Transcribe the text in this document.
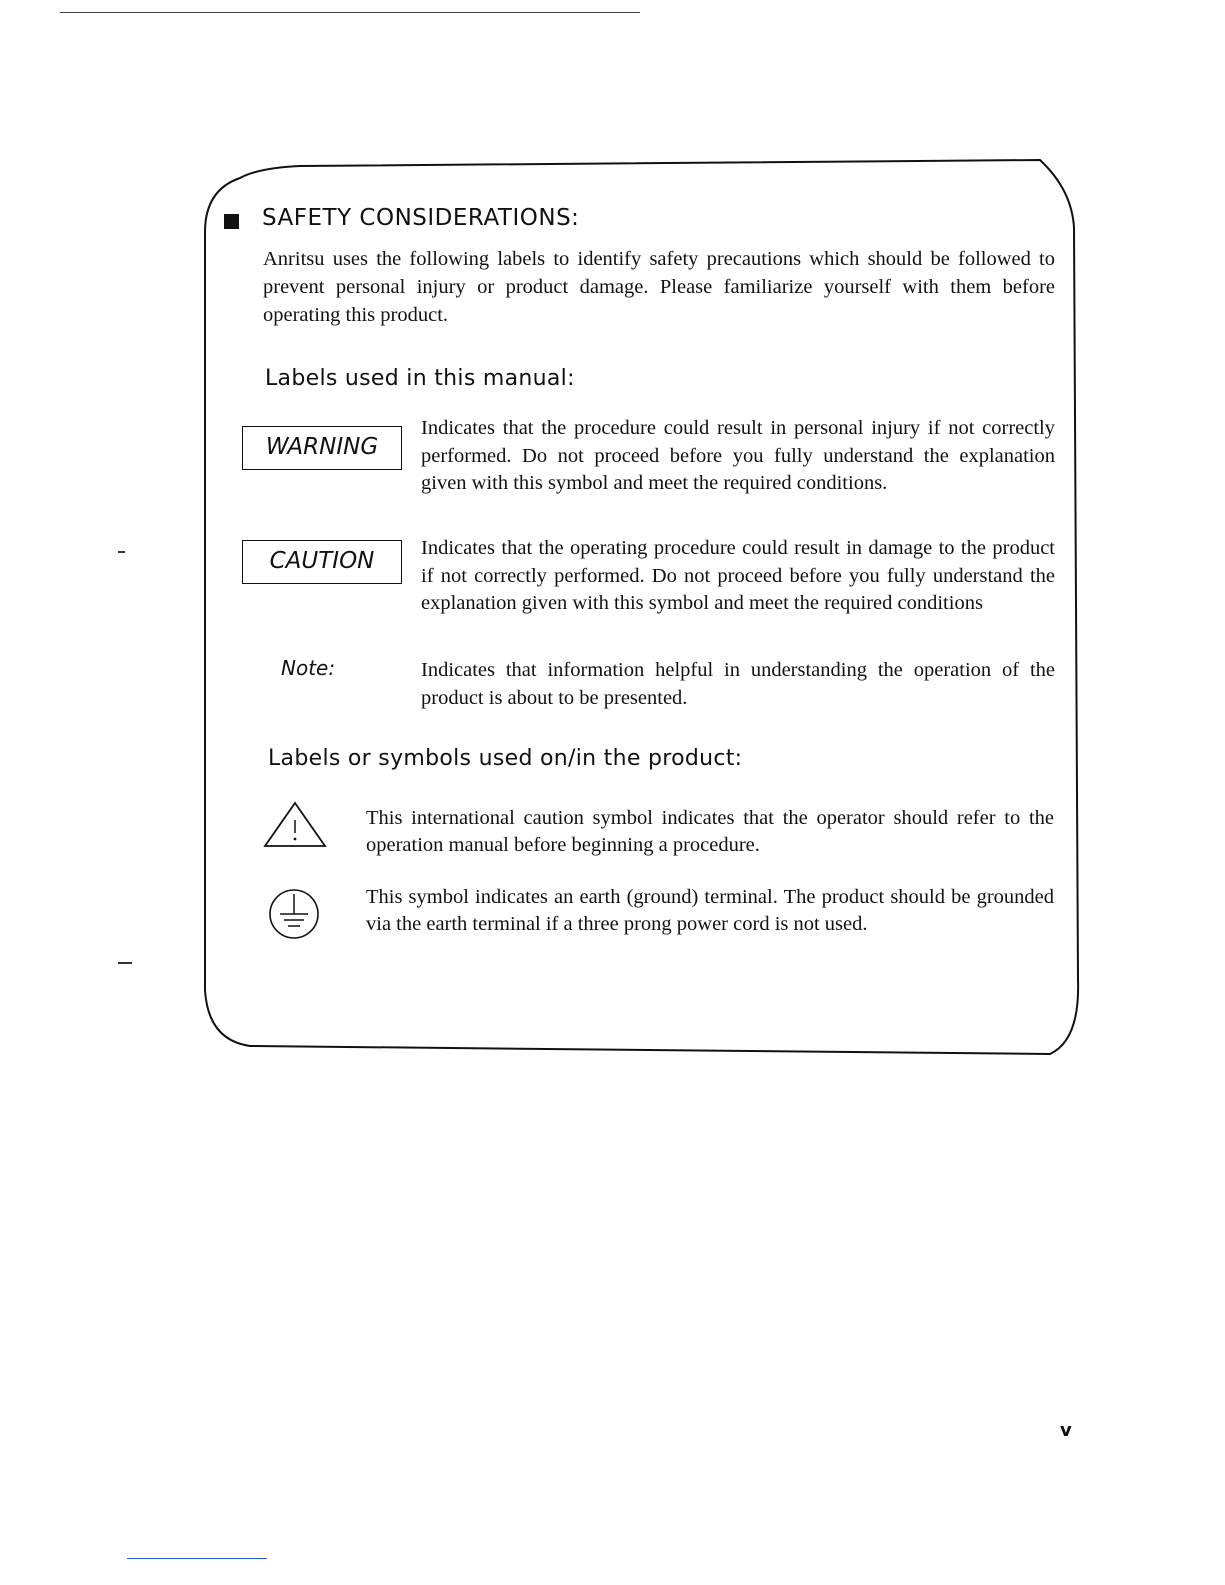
SAFETY CONSIDERATIONS:
Anritsu uses the following labels to identify safety precautions which should be followed to prevent personal injury or product damage. Please familiarize yourself with them before operating this product.
Labels used in this manual:
WARNING
Indicates that the procedure could result in personal injury if not correctly performed. Do not proceed before you fully understand the explanation given with this symbol and meet the required conditions.
CAUTION	Indicates that the operating procedure could result in damage to the product if not correctly performed. Do not proceed before you fully understand the explanation given with this symbol and meet the required conditions
Note:	Indicates that information helpful in understanding the operation of the product is about to be presented.
Labels or symbols used on/in the product:
This international caution symbol indicates that the operator should refer to the operation manual before beginning a procedure.
This symbol indicates an earth (ground) terminal. The product should be grounded via the earth terminal if a three prong power cord is not used.
v
